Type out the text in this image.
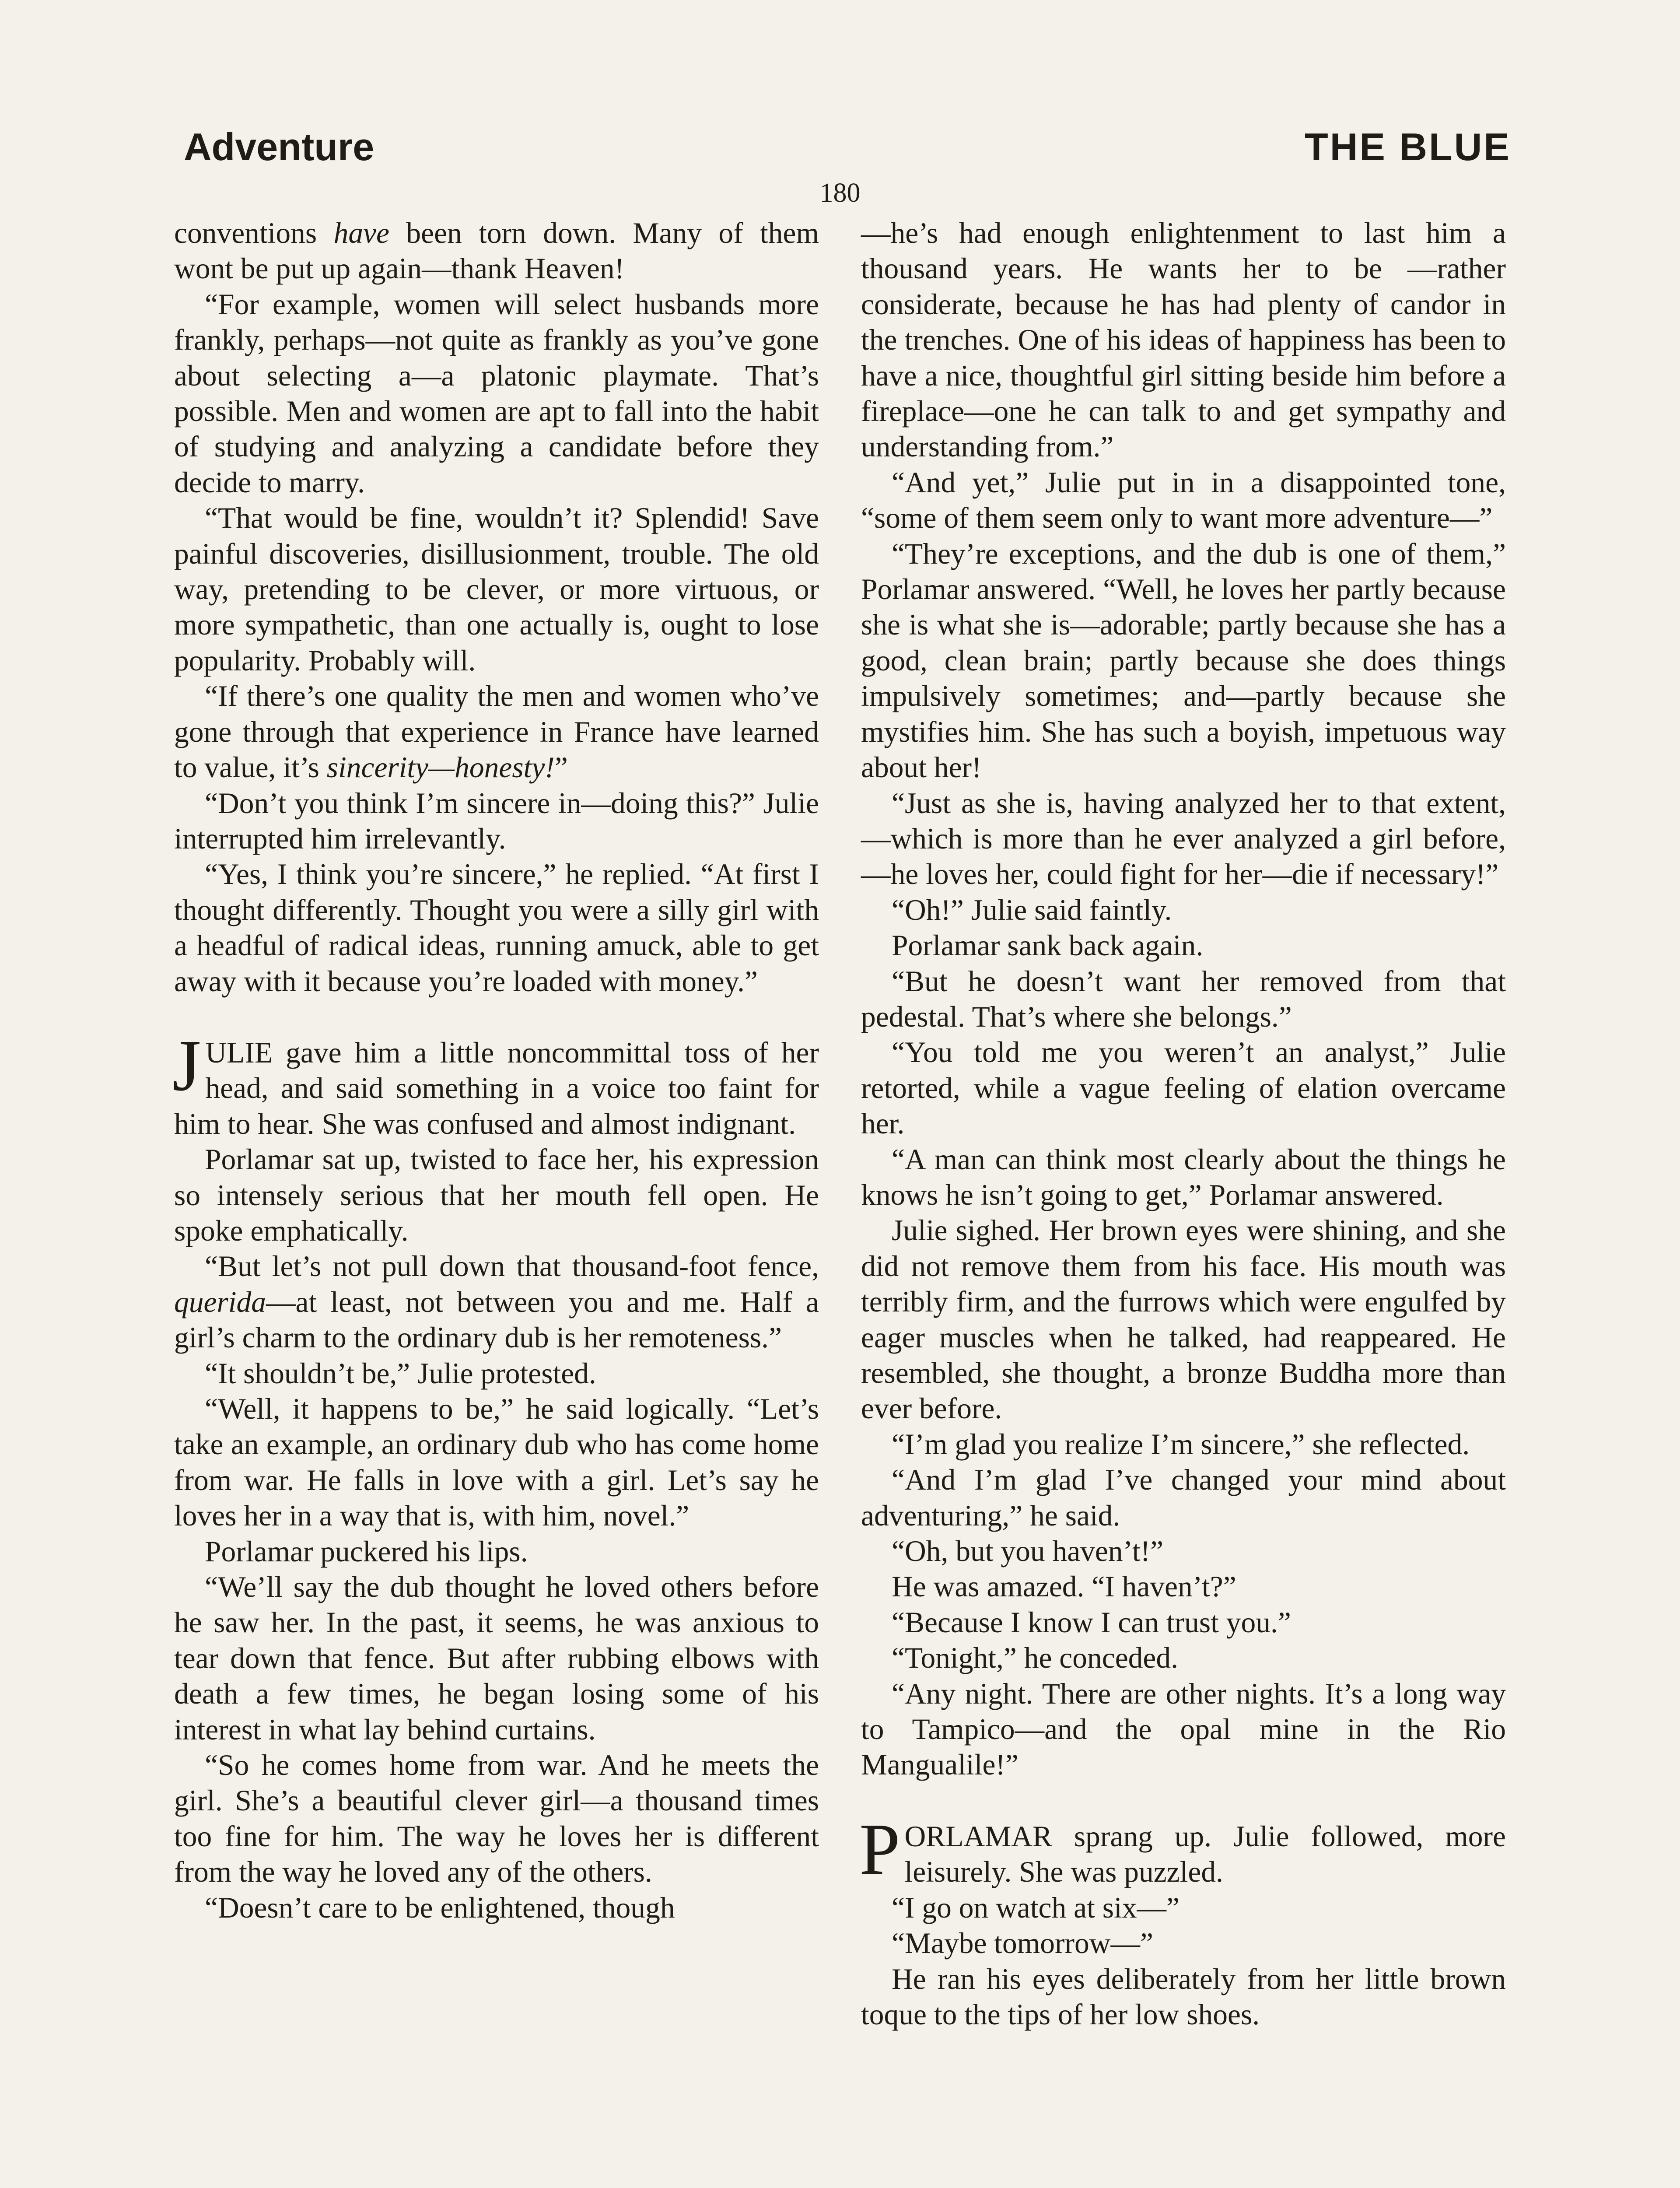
Adventure	THE BLUE
180

conventions have been torn down. Many of them wont be put up again—thank Heaven!

“For example, women will select husbands more frankly, perhaps—not quite as frankly as you’ve gone about selecting a—a platonic playmate. That’s possible. Men and women are apt to fall into the habit of studying and analyzing a candidate before they decide to marry.

“That would be fine, wouldn’t it? Splendid! Save painful discoveries, disillusionment, trouble. The old way, pretending to be clever, or more virtuous, or more sympathetic, than one actually is, ought to lose popularity. Probably will.

“If there’s one quality the men and women who’ve gone through that experience in France have learned to value, it’s sincerity—honesty!”

“Don’t you think I’m sincere in—doing this?” Julie interrupted him irrelevantly.

“Yes, I think you’re sincere,” he replied. “At first I thought differently. Thought you were a silly girl with a headful of radical ideas, running amuck, able to get away with it because you’re loaded with money.”

JULIE gave him a little noncommittal toss of her head, and said something in a voice too faint for him to hear. She was confused and almost indignant.

Porlamar sat up, twisted to face her, his expression so intensely serious that her mouth fell open. He spoke emphatically.

“But let’s not pull down that thousand-foot fence, querida—at least, not between you and me. Half a girl’s charm to the ordinary dub is her remoteness.”

“It shouldn’t be,” Julie protested.

“Well, it happens to be,” he said logically. “Let’s take an example, an ordinary dub who has come home from war. He falls in love with a girl. Let’s say he loves her in a way that is, with him, novel.”

Porlamar puckered his lips.

“We’ll say the dub thought he loved others before he saw her. In the past, it seems, he was anxious to tear down that fence. But after rubbing elbows with death a few times, he began losing some of his interest in what lay behind curtains.

“So he comes home from war. And he meets the girl. She’s a beautiful clever girl—a thousand times too fine for him. The way he loves her is different from the way he loved any of the others.

“Doesn’t care to be enlightened, though

—he’s had enough enlightenment to last him a thousand years. He wants her to be —rather considerate, because he has had plenty of candor in the trenches. One of his ideas of happiness has been to have a nice, thoughtful girl sitting beside him before a fireplace—one he can talk to and get sympathy and understanding from.”

“And yet,” Julie put in in a disappointed tone, “some of them seem only to want more adventure—”

“They’re exceptions, and the dub is one of them,” Porlamar answered. “Well, he loves her partly because she is what she is—adorable; partly because she has a good, clean brain; partly because she does things impulsively sometimes; and—partly because she mystifies him. She has such a boyish, impetuous way about her!

“Just as she is, having analyzed her to that extent,—which is more than he ever analyzed a girl before,—he loves her, could fight for her—die if necessary!”

“Oh!” Julie said faintly.

Porlamar sank back again.

“But he doesn’t want her removed from that pedestal. That’s where she belongs.”

“You told me you weren’t an analyst,” Julie retorted, while a vague feeling of elation overcame her.

“A man can think most clearly about the things he knows he isn’t going to get,” Porlamar answered.

Julie sighed. Her brown eyes were shining, and she did not remove them from his face. His mouth was terribly firm, and the furrows which were engulfed by eager muscles when he talked, had reappeared. He resembled, she thought, a bronze Buddha more than ever before.

“I’m glad you realize I’m sincere,” she reflected.

“And I’m glad I’ve changed your mind about adventuring,” he said.

“Oh, but you haven’t!”

He was amazed. “I haven’t?”

“Because I know I can trust you.”

“Tonight,” he conceded.

“Any night. There are other nights. It’s a long way to Tampico—and the opal mine in the Rio Mangualile!”

PORLAMAR sprang up. Julie followed, more leisurely. She was puzzled.

“I go on watch at six—”

“Maybe tomorrow—”

He ran his eyes deliberately from her little brown toque to the tips of her low shoes.
